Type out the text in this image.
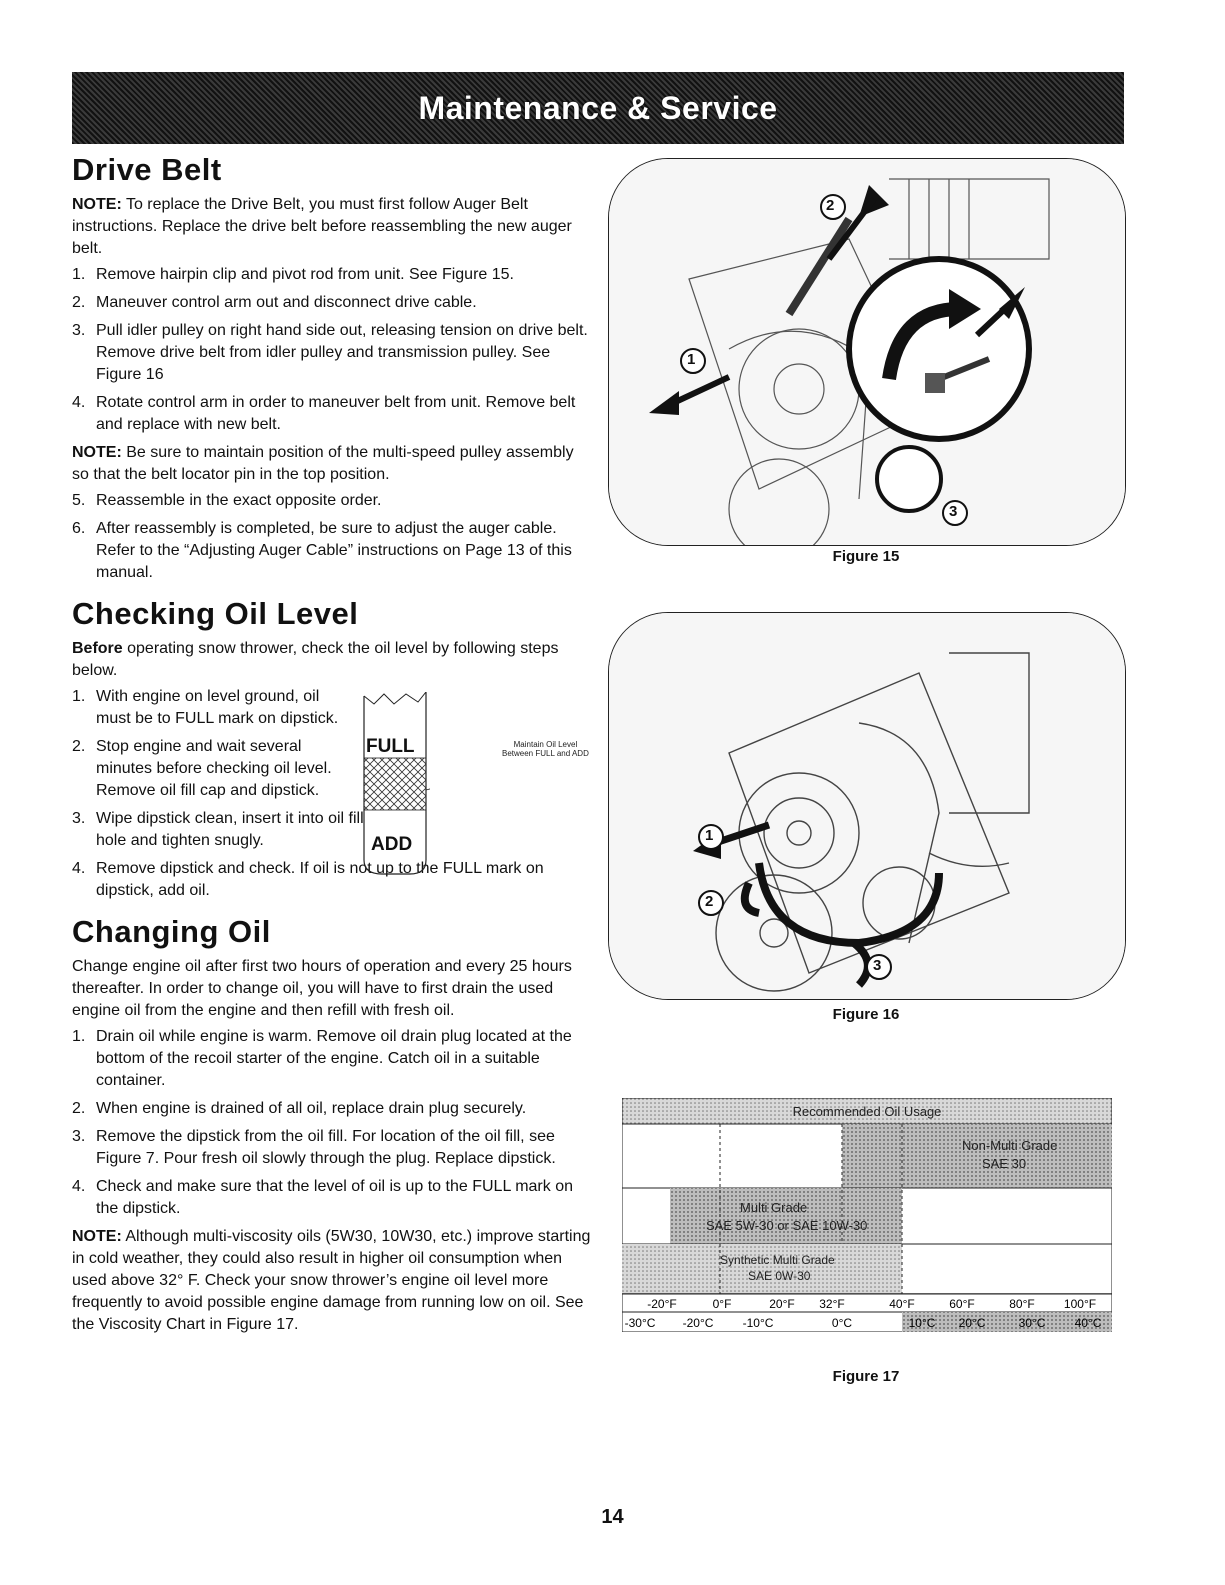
Maintenance & Service
Drive Belt

NOTE: To replace the Drive Belt, you must first follow Auger Belt instructions. Replace the drive belt before reassembling the new auger belt.

1. Remove hairpin clip and pivot rod from unit. See Figure 15.
2. Maneuver control arm out and disconnect drive cable.
3. Pull idler pulley on right hand side out, releasing tension on drive belt. Remove drive belt from idler pulley and transmission pulley. See Figure 16
4. Rotate control arm in order to maneuver belt from unit. Remove belt and replace with new belt.

NOTE: Be sure to maintain position of the multi-speed pulley assembly so that the belt locator pin in the top position.

5. Reassemble in the exact opposite order.
6. After reassembly is completed, be sure to adjust the auger cable. Refer to the “Adjusting Auger Cable” instructions on Page 13 of this manual.
Checking Oil Level

Before operating snow thrower, check the oil level by following steps below.

1. With engine on level ground, oil must be to FULL mark on dipstick.
2. Stop engine and wait several minutes before checking oil level. Remove oil fill cap and dipstick.
3. Wipe dipstick clean, insert it into oil fill hole and tighten snugly.
4. Remove dipstick and check. If oil is not up to the FULL mark on dipstick, add oil.
FULL
ADD
Maintain Oil Level
Between FULL and ADD
Changing Oil

Change engine oil after first two hours of operation and every 25 hours thereafter. In order to change oil, you will have to first drain the used engine oil from the engine and then refill with fresh oil.

1. Drain oil while engine is warm. Remove oil drain plug located at the bottom of the recoil starter of the engine. Catch oil in a suitable container.
2. When engine is drained of all oil, replace drain plug securely.
3. Remove the dipstick from the oil fill. For location of the oil fill, see Figure 7. Pour fresh oil slowly through the plug. Replace dipstick.
4. Check and make sure that the level of oil is up to the FULL mark on the dipstick.

NOTE: Although multi-viscosity oils (5W30, 10W30, etc.) improve starting in cold weather, they could also result in higher oil consumption when used above 32° F. Check your snow thrower’s engine oil level more frequently to avoid possible engine damage from running low on oil. See the Viscosity Chart in Figure 17.

2
1
3
Figure 15
1
2
3
Figure 16
-20°F	0°F	20°F 32°F	40°F	60°F	80°F 100°F
-30°C -20°C -10°C	0°C	10°C 20°C	30°C 40°C
Recommended Oil Usage
Non-Multi Grade
SAE 30
Multi Grade
SAE 5W-30 or SAE 10W-30
Synthetic Multi Grade
SAE 0W-30
Figure 17
14
